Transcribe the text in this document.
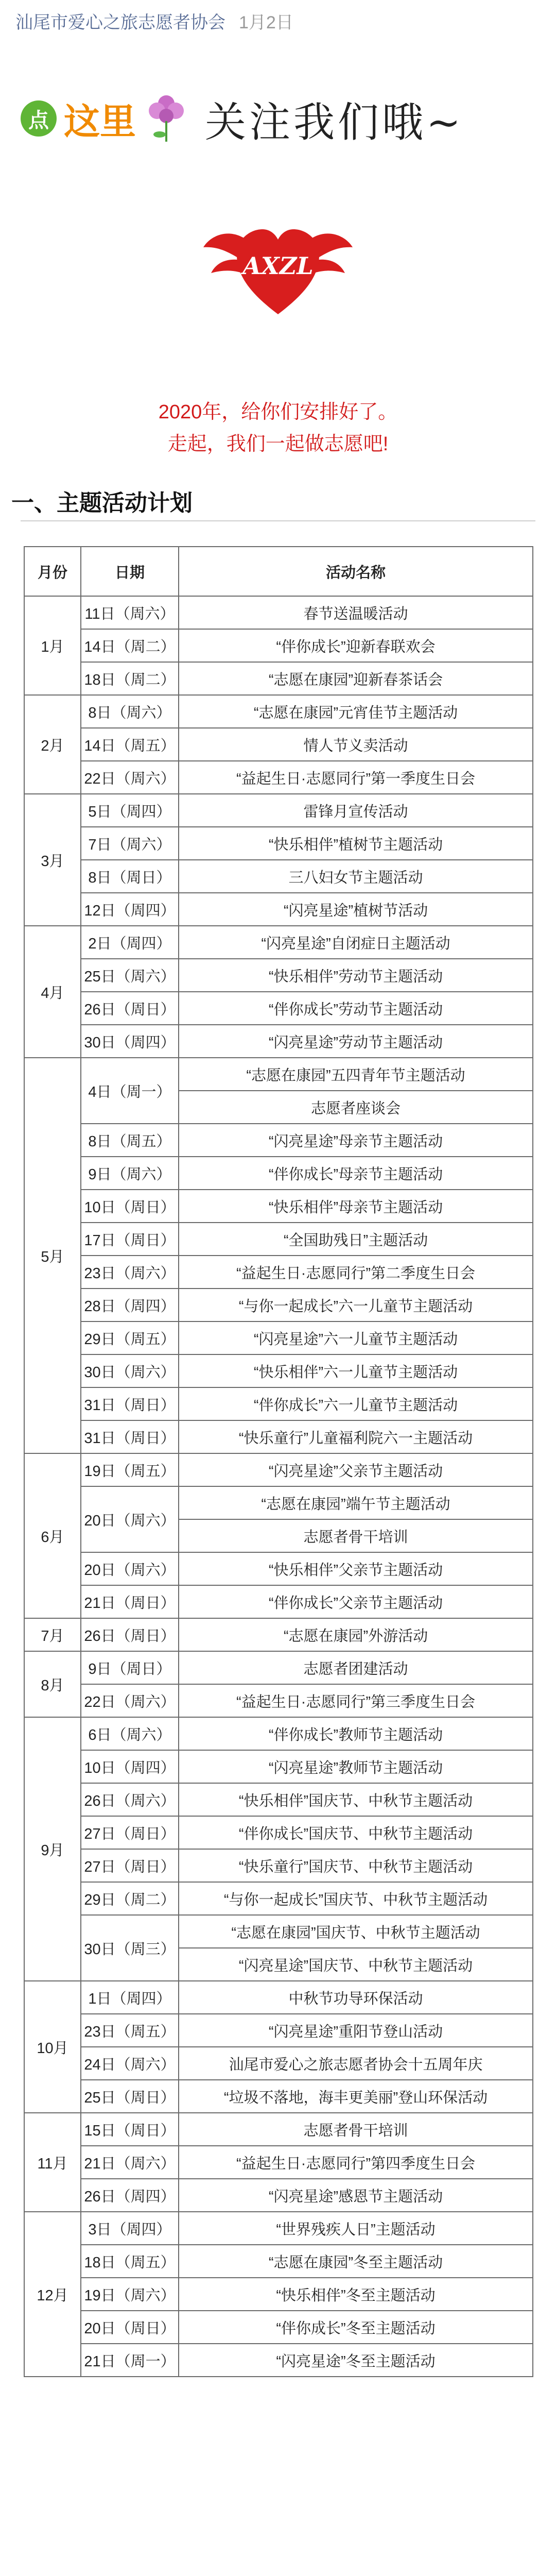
汕尾市爱心之旅志愿者协会 1月2日
点 这里 关注我们哦~
AXZL
2020年，给你们安排好了。
走起，我们一起做志愿吧!
一、主题活动计划
月份	日期	活动名称
1月	11日（周六）	春节送温暖活动
	14日（周二）	“伴你成长”迎新春联欢会
	18日（周二）	“志愿在康园”迎新春茶话会
2月	8日（周六）	“志愿在康园”元宵佳节主题活动
	14日（周五）	情人节义卖活动
	22日（周六）	“益起生日·志愿同行”第一季度生日会
3月	5日（周四）	雷锋月宣传活动
	7日（周六）	“快乐相伴”植树节主题活动
	8日（周日）	三八妇女节主题活动
	12日（周四）	“闪亮星途”植树节活动
4月	2日（周四）	“闪亮星途”自闭症日主题活动
	25日（周六）	“快乐相伴”劳动节主题活动
	26日（周日）	“伴你成长”劳动节主题活动
	30日（周四）	“闪亮星途”劳动节主题活动
5月	4日（周一）	“志愿在康园”五四青年节主题活动
		志愿者座谈会
	8日（周五）	“闪亮星途”母亲节主题活动
	9日（周六）	“伴你成长”母亲节主题活动
	10日（周日）	“快乐相伴”母亲节主题活动
	17日（周日）	“全国助残日”主题活动
	23日（周六）	“益起生日·志愿同行”第二季度生日会
	28日（周四）	“与你一起成长”六一儿童节主题活动
	29日（周五）	“闪亮星途”六一儿童节主题活动
	30日（周六）	“快乐相伴”六一儿童节主题活动
	31日（周日）	“伴你成长”六一儿童节主题活动
	31日（周日）	“快乐童行”儿童福利院六一主题活动
6月	19日（周五）	“闪亮星途”父亲节主题活动
	20日（周六）	“志愿在康园”端午节主题活动
		志愿者骨干培训
	20日（周六）	“快乐相伴”父亲节主题活动
	21日（周日）	“伴你成长”父亲节主题活动
7月	26日（周日）	“志愿在康园”外游活动
8月	9日（周日）	志愿者团建活动
	22日（周六）	“益起生日·志愿同行”第三季度生日会
9月	6日（周六）	“伴你成长”教师节主题活动
	10日（周四）	“闪亮星途”教师节主题活动
	26日（周六）	“快乐相伴”国庆节、中秋节主题活动
	27日（周日）	“伴你成长”国庆节、中秋节主题活动
	27日（周日）	“快乐童行”国庆节、中秋节主题活动
	29日（周二）	“与你一起成长”国庆节、中秋节主题活动
	30日（周三）	“志愿在康园”国庆节、中秋节主题活动
		“闪亮星途”国庆节、中秋节主题活动
10月	1日（周四）	中秋节功导环保活动
	23日（周五）	“闪亮星途”重阳节登山活动
	24日（周六）	汕尾市爱心之旅志愿者协会十五周年庆
	25日（周日）	“垃圾不落地，海丰更美丽”登山环保活动
11月	15日（周日）	志愿者骨干培训
	21日（周六）	“益起生日·志愿同行”第四季度生日会
	26日（周四）	“闪亮星途”感恩节主题活动
12月	3日（周四）	“世界残疾人日”主题活动
	18日（周五）	“志愿在康园”冬至主题活动
	19日（周六）	“快乐相伴”冬至主题活动
	20日（周日）	“伴你成长”冬至主题活动
	21日（周一）	“闪亮星途”冬至主题活动
